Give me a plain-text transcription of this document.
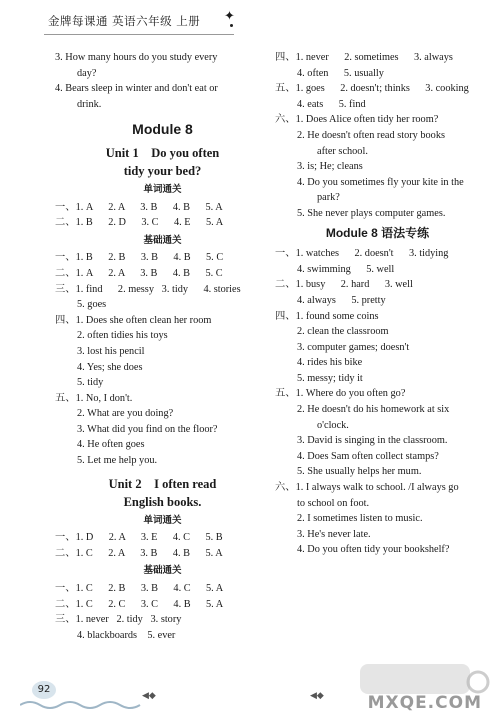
金牌每课通 英语六年级 上册 ✦
3. How many hours do you study every
day?
4. Bears sleep in winter and don't eat or
drink.
Module 8
Unit 1    Do you often
tidy your bed?
单词通关
一、1. A      2. A      3. B      4. B      5. A
二、1. B      2. D      3. C      4. E      5. A
基础通关
一、1. B      2. B      3. B      4. B      5. C
二、1. A      2. A      3. B      4. B      5. C
三、1. find      2. messy   3. tidy      4. stories
5. goes
四、1. Does she often clean her room
2. often tidies his toys
3. lost his pencil
4. Yes; she does
5. tidy
五、1. No, I don't.
2. What are you doing?
3. What did you find on the floor?
4. He often goes
5. Let me help you.
Unit 2    I often read
English books.
单词通关
一、1. D      2. A      3. E      4. C      5. B
二、1. C      2. A      3. B      4. B      5. A
基础通关
一、1. C      2. B      3. B      4. C      5. A
二、1. C      2. C      3. C      4. B      5. A
三、1. never   2. tidy   3. story
4. blackboards    5. ever
四、1. never      2. sometimes      3. always
4. often      5. usually
五、1. goes      2. doesn't; thinks      3. cooking
4. eats      5. find
六、1. Does Alice often tidy her room?
2. He doesn't often read story books
after school.
3. is; He; cleans
4. Do you sometimes fly your kite in the
park?
5. She never plays computer games.
Module 8 语法专练
一、1. watches      2. doesn't      3. tidying
4. swimming      5. well
二、1. busy      2. hard      3. well
4. always      5. pretty
四、1. found some coins
2. clean the classroom
3. computer games; doesn't
4. rides his bike
5. messy; tidy it
五、1. Where do you often go?
2. He doesn't do his homework at six
o'clock.
3. David is singing in the classroom.
4. Does Sam often collect stamps?
5. She usually helps her mum.
六、1. I always walk to school. /I always go
to school on foot.
2. I sometimes listen to music.
3. He's never late.
4. Do you often tidy your bookshelf?
MXQE.COM
92	◀◆	◀◆
